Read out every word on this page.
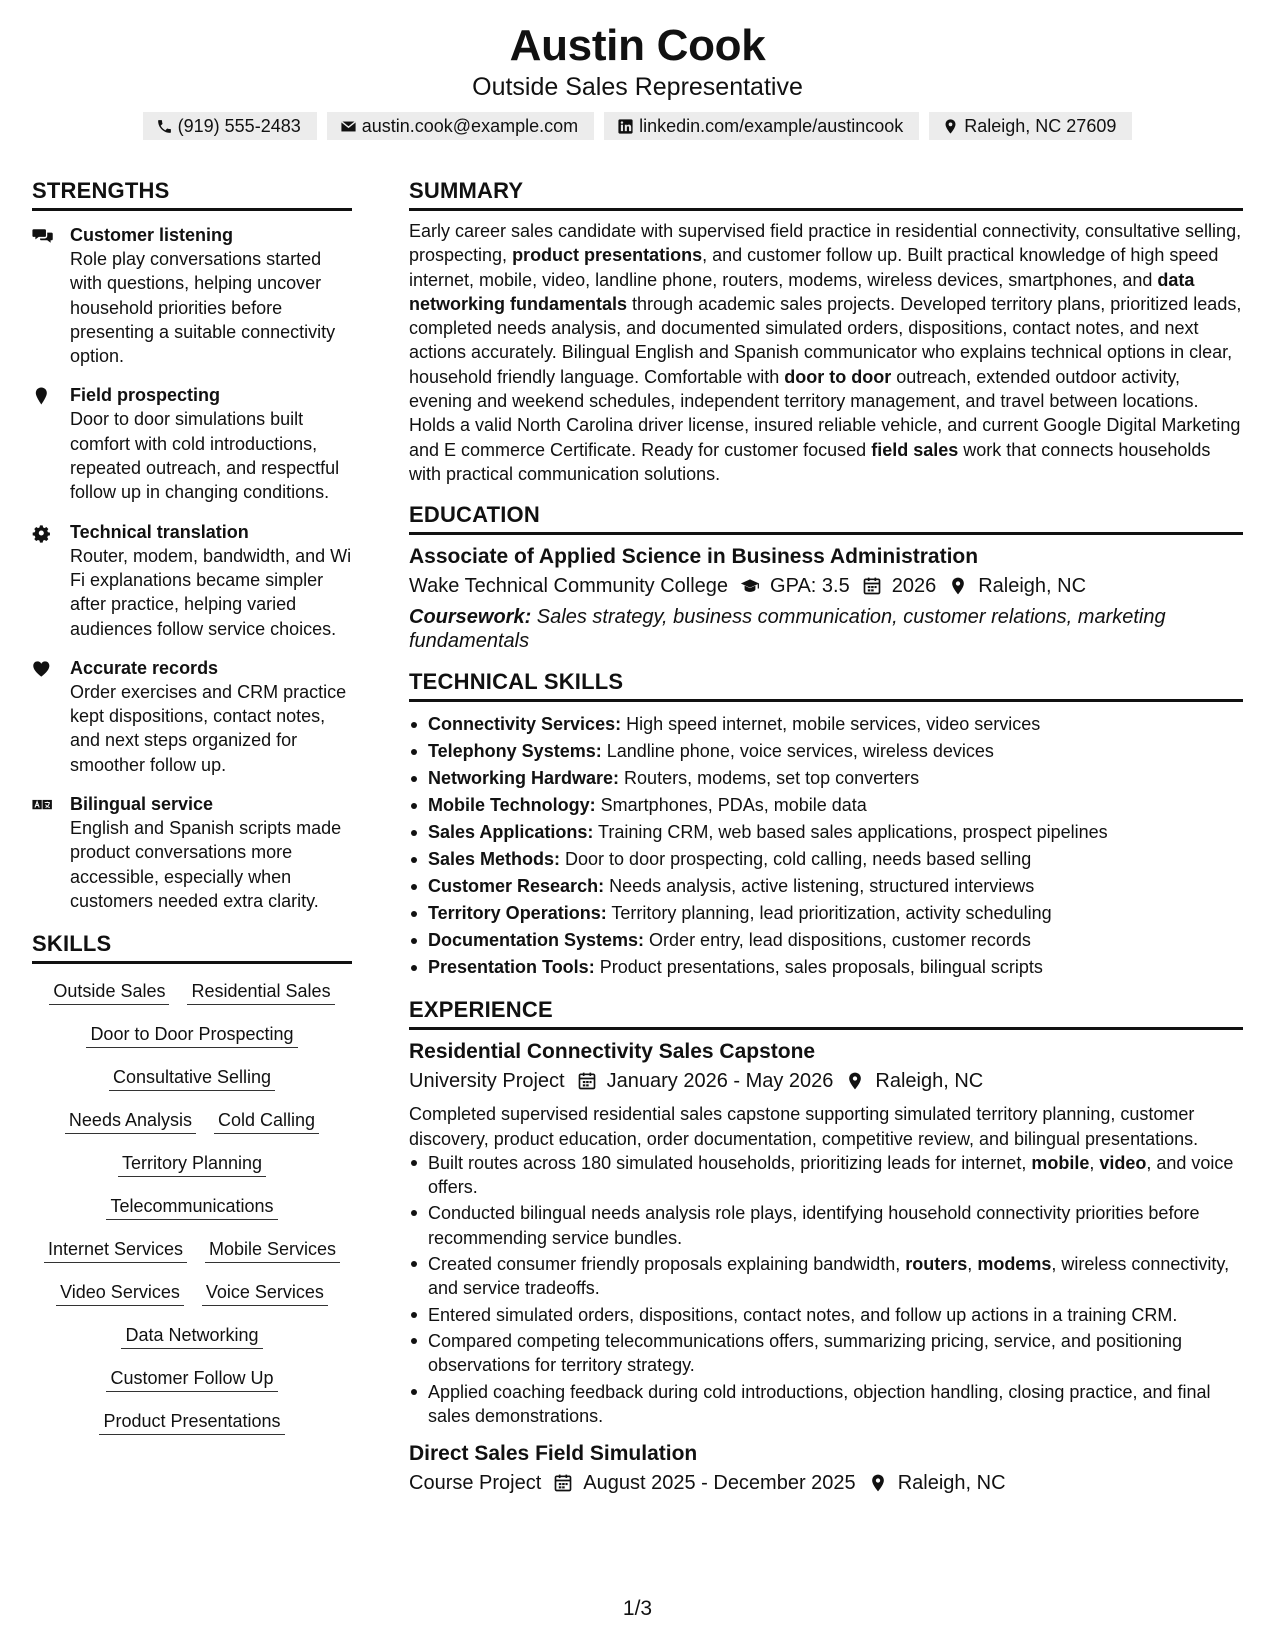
Austin Cook
Outside Sales Representative
(919) 555-2483	austin.cook@example.com	linkedin.com/example/austincook	Raleigh, NC 27609
STRENGTHS
Customer listening
Role play conversations started with questions, helping uncover household priorities before presenting a suitable connectivity option.
Field prospecting
Door to door simulations built comfort with cold introductions, repeated outreach, and respectful follow up in changing conditions.
Technical translation
Router, modem, bandwidth, and Wi Fi explanations became simpler after practice, helping varied audiences follow service choices.
Accurate records
Order exercises and CRM practice kept dispositions, contact notes, and next steps organized for smoother follow up.
Bilingual service
English and Spanish scripts made product conversations more accessible, especially when customers needed extra clarity.
SKILLS
Outside Sales Residential Sales
Door to Door Prospecting
Consultative Selling
Needs Analysis Cold Calling
Territory Planning
Telecommunications
Internet Services Mobile Services
Video Services Voice Services
Data Networking
Customer Follow Up
Product Presentations
SUMMARY
Early career sales candidate with supervised field practice in residential connectivity, consultative selling, prospecting, product presentations, and customer follow up. Built practical knowledge of high speed internet, mobile, video, landline phone, routers, modems, wireless devices, smartphones, and data networking fundamentals through academic sales projects. Developed territory plans, prioritized leads, completed needs analysis, and documented simulated orders, dispositions, contact notes, and next actions accurately. Bilingual English and Spanish communicator who explains technical options in clear, household friendly language. Comfortable with door to door outreach, extended outdoor activity, evening and weekend schedules, independent territory management, and travel between locations. Holds a valid North Carolina driver license, insured reliable vehicle, and current Google Digital Marketing and E commerce Certificate. Ready for customer focused field sales work that connects households with practical communication solutions.
EDUCATION
Associate of Applied Science in Business Administration
Wake Technical Community College GPA: 3.5 2026 Raleigh, NC
Coursework: Sales strategy, business communication, customer relations, marketing fundamentals
TECHNICAL SKILLS
Connectivity Services: High speed internet, mobile services, video services
Telephony Systems: Landline phone, voice services, wireless devices
Networking Hardware: Routers, modems, set top converters
Mobile Technology: Smartphones, PDAs, mobile data
Sales Applications: Training CRM, web based sales applications, prospect pipelines
Sales Methods: Door to door prospecting, cold calling, needs based selling
Customer Research: Needs analysis, active listening, structured interviews
Territory Operations: Territory planning, lead prioritization, activity scheduling
Documentation Systems: Order entry, lead dispositions, customer records
Presentation Tools: Product presentations, sales proposals, bilingual scripts
EXPERIENCE
Residential Connectivity Sales Capstone
University Project January 2026 - May 2026 Raleigh, NC
Completed supervised residential sales capstone supporting simulated territory planning, customer discovery, product education, order documentation, competitive review, and bilingual presentations.
Built routes across 180 simulated households, prioritizing leads for internet, mobile, video, and voice offers.
Conducted bilingual needs analysis role plays, identifying household connectivity priorities before recommending service bundles.
Created consumer friendly proposals explaining bandwidth, routers, modems, wireless connectivity, and service tradeoffs.
Entered simulated orders, dispositions, contact notes, and follow up actions in a training CRM.
Compared competing telecommunications offers, summarizing pricing, service, and positioning observations for territory strategy.
Applied coaching feedback during cold introductions, objection handling, closing practice, and final sales demonstrations.
Direct Sales Field Simulation
Course Project August 2025 - December 2025 Raleigh, NC
1/3
